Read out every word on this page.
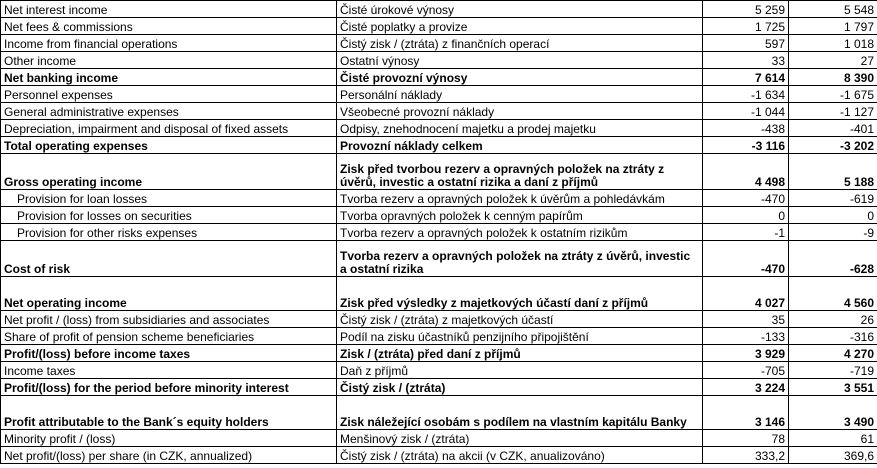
Net interest income	Čisté úrokové výnosy	5 259	5 548
Net fees & commissions	Čisté poplatky a provize	1 725	1 797
Income from financial operations	Čistý zisk / (ztráta) z finančních operací	597	1 018
Other income	Ostatní výnosy	33	27
Net banking income	Čisté provozní výnosy	7 614	8 390
Personnel expenses	Personální náklady	-1 634	-1 675
General administrative expenses	Všeobecné provozní náklady	-1 044	-1 127
Depreciation, impairment and disposal of fixed assets	Odpisy, znehodnocení majetku a prodej majetku	-438	-401
Total operating expenses	Provozní náklady celkem	-3 116	-3 202
Gross operating income	Zisk před tvorbou rezerv a opravných položek na ztráty z úvěrů, investic a ostatní rizika a daní z příjmů	4 498	5 188
Provision for loan losses	Tvorba rezerv a opravných položek k úvěrům a pohledávkám	-470	-619
Provision for losses on securities	Tvorba opravných položek k cenným papírům	0	0
Provision for other risks expenses	Tvorba rezerv a opravných položek k ostatním rizikům	-1	-9
Cost of risk	Tvorba rezerv a opravných položek na ztráty z úvěrů, investic a ostatní rizika	-470	-628
Net operating income	Zisk před výsledky z majetkových účastí daní z příjmů	4 027	4 560
Net profit / (loss) from subsidiaries and associates	Čistý zisk / (ztráta) z majetkových účastí	35	26
Share of profit of pension scheme beneficiaries	Podíl na zisku účastníků penzijního připojištění	-133	-316
Profit/(loss) before income taxes	Zisk / (ztráta) před daní z příjmů	3 929	4 270
Income taxes	Daň z příjmů	-705	-719
Profit/(loss) for the period before minority interest	Čistý zisk / (ztráta)	3 224	3 551
Profit attributable to the Bank´s equity holders	Zisk náležející osobám s podílem na vlastním kapitálu Banky	3 146	3 490
Minority profit / (loss)	Menšinový zisk / (ztráta)	78	61
Net profit/(loss) per share (in CZK, annualized)	Čistý zisk / (ztráta) na akcii (v CZK, anualizováno)	333,2	369,6
